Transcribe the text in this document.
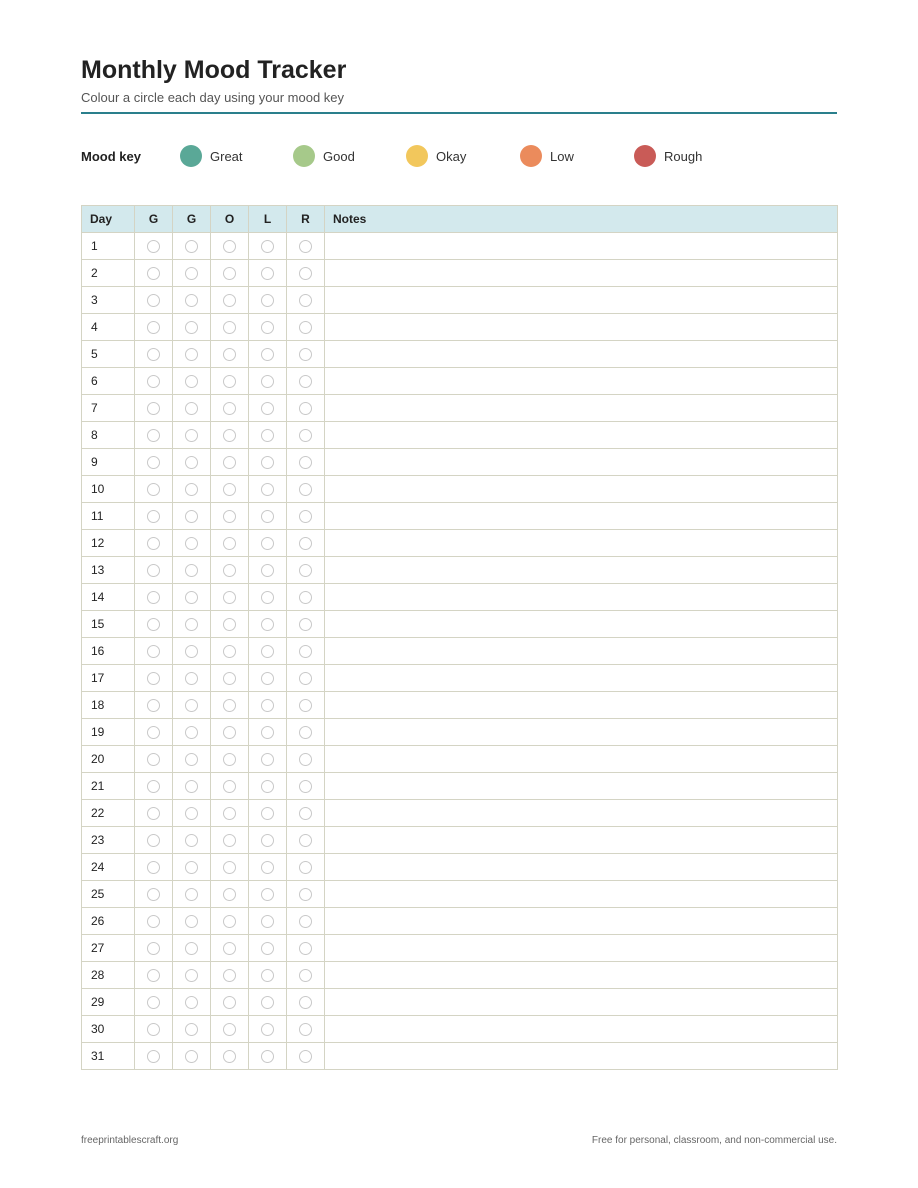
Monthly Mood Tracker
Colour a circle each day using your mood key
Mood key	Great	Good	Okay	Low	Rough
Day	G	G	O	L	R	Notes
1						
2						
3						
4						
5						
6						
7						
8						
9						
10						
11						
12						
13						
14						
15						
16						
17						
18						
19						
20						
21						
22						
23						
24						
25						
26						
27						
28						
29						
30						
31						
freeprintablescraft.org	Free for personal, classroom, and non-commercial use.
